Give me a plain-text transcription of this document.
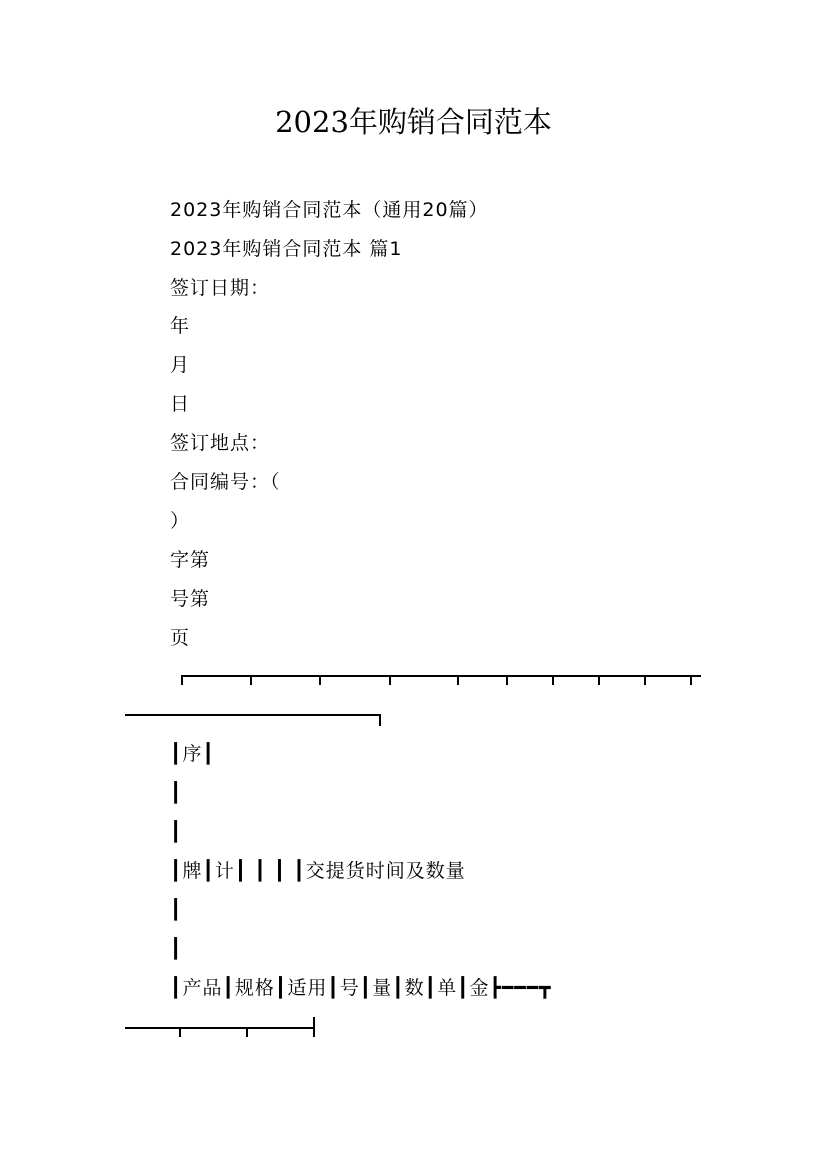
2023年购销合同范本
2023年购销合同范本（通用20篇）
2023年购销合同范本 篇1
签订日期：
年
月
日
签订地点：
合同编号：（
）
字第
号第
页
┃序┃
┃
┃
┃牌┃计┃ ┃ ┃ ┃交提货时间及数量
┃
┃
┃产品┃规格┃适用┃号┃量┃数┃单┃金┣━━━┳
